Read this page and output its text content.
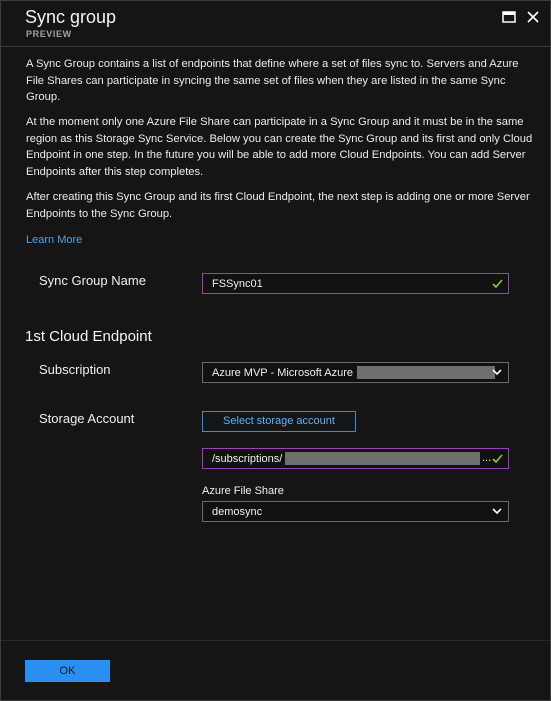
Sync group
PREVIEW
A Sync Group contains a list of endpoints that define where a set of files sync to. Servers and Azure File Shares can participate in syncing the same set of files when they are listed in the same Sync Group.
At the moment only one Azure File Share can participate in a Sync Group and it must be in the same region as this Storage Sync Service. Below you can create the Sync Group and its first and only Cloud Endpoint in one step. In the future you will be able to add more Cloud Endpoints. You can add Server Endpoints after this step completes.
After creating this Sync Group and its first Cloud Endpoint, the next step is adding one or more Server Endpoints to the Sync Group.
Learn More
Sync Group Name	FSSync01
1st Cloud Endpoint
Subscription	Azure MVP - Microsoft Azure
Storage Account	Select storage account
/subscriptions/	...
Azure File Share
demosync
OK
